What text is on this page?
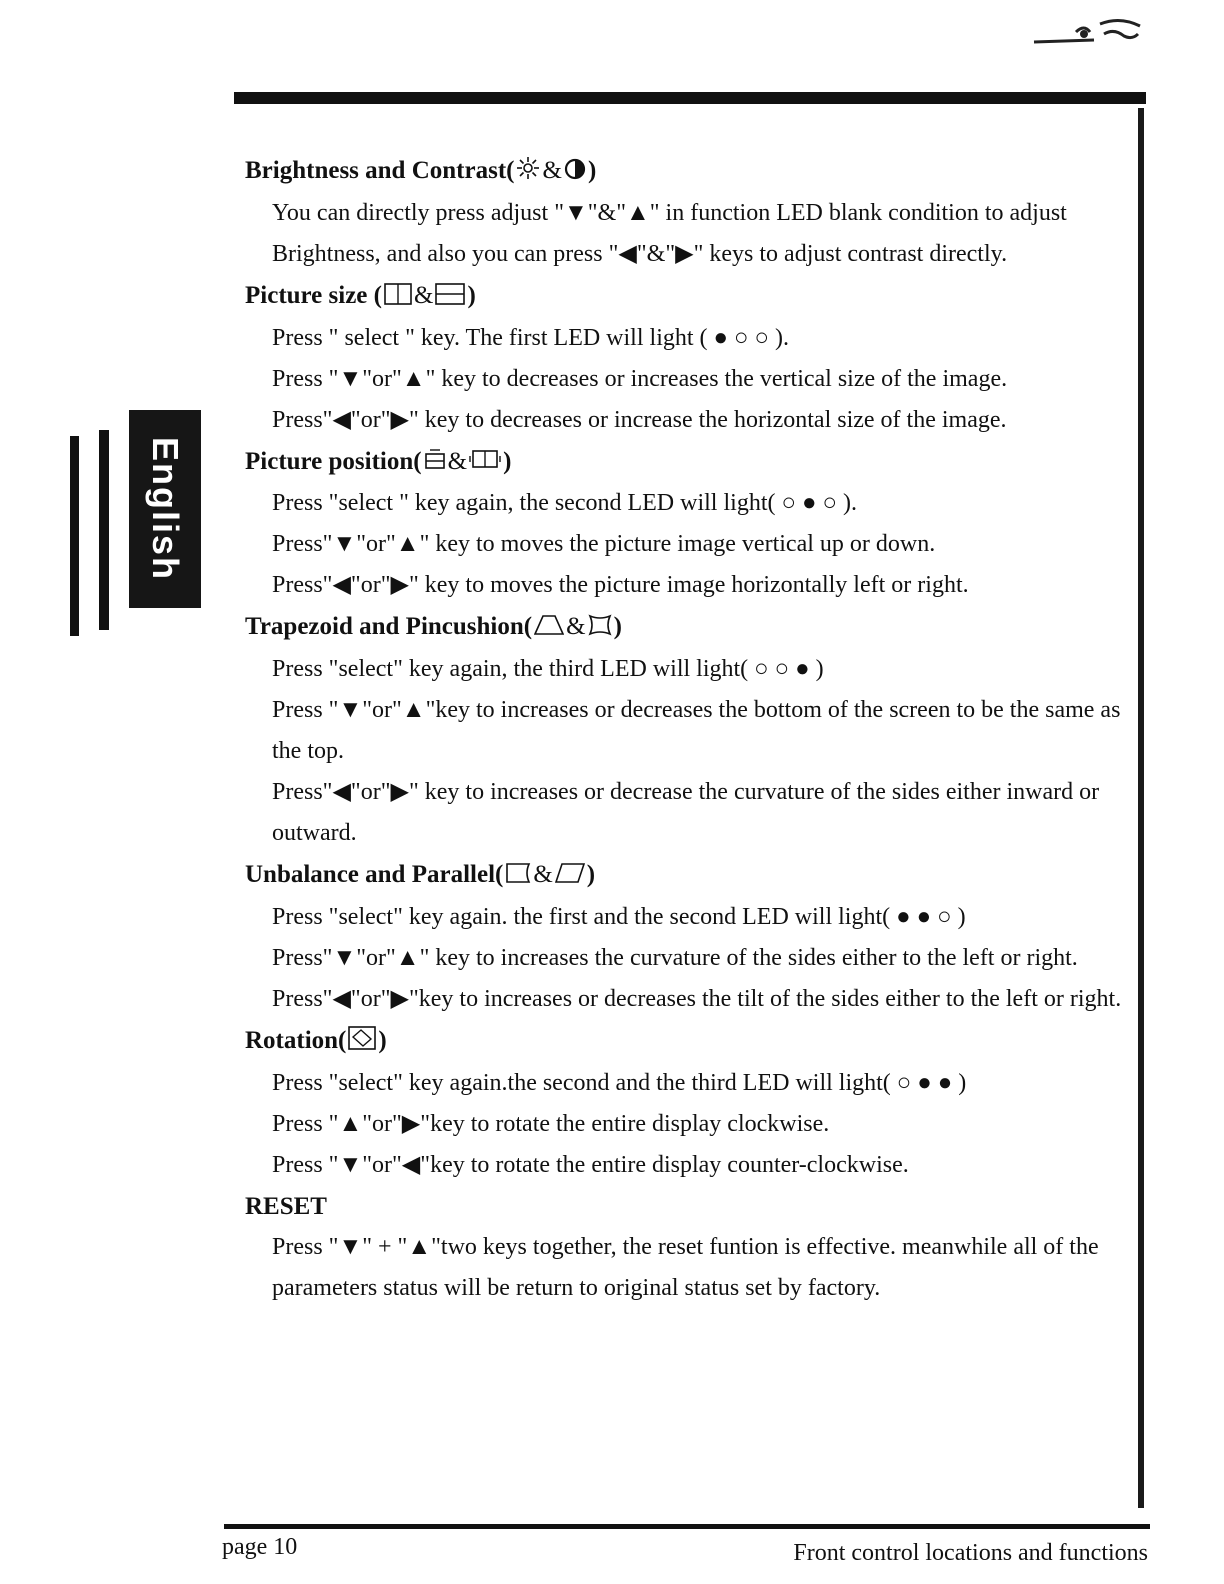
English
Brightness and Contrast( & )

You can directly press adjust "▼"&"▲" in function LED blank condition to adjust Brightness, and also you can press "◀"&"▶" keys to adjust contrast directly.

Picture size ( & )

Press " select " key. The first LED will light ( ● ○ ○ ).

Press "▼"or"▲" key to decreases or increases the vertical size of the image.

Press"◀"or"▶" key to decreases or increase the horizontal size of the image.

Picture position( & )

Press "select " key again, the second LED will light( ○ ● ○ ).

Press"▼"or"▲" key to moves the picture image vertical up or down.

Press"◀"or"▶" key to moves the picture image horizontally left or right.

Trapezoid and Pincushion( & )

Press "select" key again, the third LED will light( ○ ○ ● )

Press "▼"or"▲"key to increases or decreases the bottom of the screen to be the same as the top.

Press"◀"or"▶" key to increases or decrease the curvature of the sides either inward or outward.

Unbalance and Parallel( & )

Press "select" key again. the first and the second LED will light( ● ● ○ )

Press"▼"or"▲" key to increases the curvature of the sides either to the left or right.

Press"◀"or"▶"key to increases or decreases the tilt of the sides either to the left or right.

Rotation( )

Press "select" key again.the second and the third LED will light( ○ ● ● )

Press "▲"or"▶"key to rotate the entire display clockwise.

Press "▼"or"◀"key to rotate the entire display counter-clockwise.

RESET

Press "▼" + "▲"two keys together, the reset funtion is effective. meanwhile all of the parameters status will be return to original status set by factory.

page 10	Front control locations and functions
